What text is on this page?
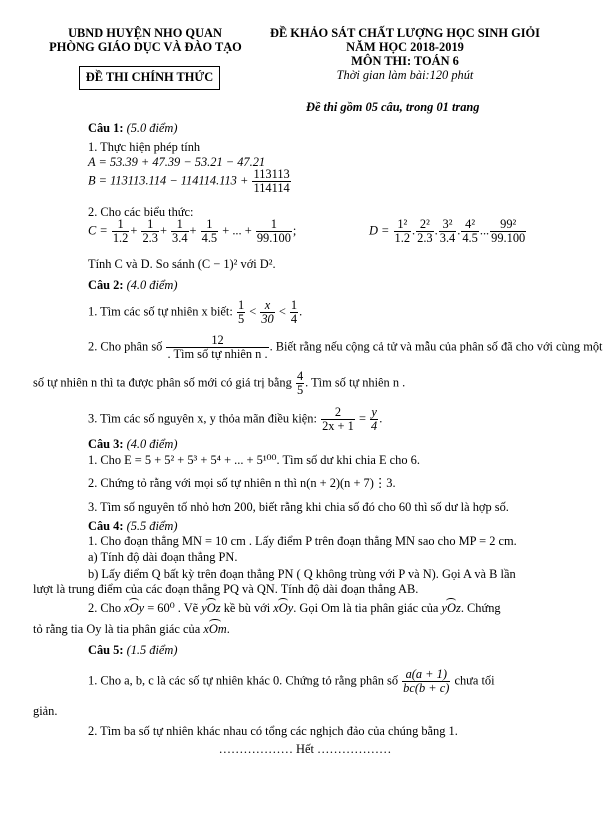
UBND HUYỆN NHO QUAN
PHÒNG GIÁO DỤC VÀ ĐÀO TẠO
ĐỀ THI CHÍNH THỨC
ĐỀ KHẢO SÁT CHẤT LƯỢNG HỌC SINH GIỎI
NĂM HỌC 2018-2019
MÔN THI: TOÁN 6
Thời gian làm bài:120 phút
Đề thi gồm 05 câu, trong 01 trang
Câu 1: (5.0 điểm)
1. Thực hiện phép tính
A = 53.39 + 47.39 − 53.21 − 47.21
$B = 113113.114 - 114114.113 + \frac{113113}{114114}$
2. Cho các biểu thức:
$C = \frac{1}{1.2} + \frac{1}{2.3} + \frac{1}{3.4} + \frac{1}{4.5}$ + ... + $\frac{1}{99.100}$ ;	$D = \frac{\text{1²}}{1.2}$ . $\frac{\text{2²}}{2.3}$ . $\frac{\text{3²}}{3.4}$ . $\frac{\text{4²}}{4.5}$ ... $\frac{\text{99²}}{99.100}$
Tính C và D. So sánh (C − 1)² với D².
Câu 2: (4.0 điểm)
1. Tìm các số tự nhiên x biết: $\frac{1}{5} < \frac{x}{30} < \frac{1}{4}$ .
2. Cho phân số $\frac{12}{\text{. Tìm số tự nhiên n .}}$ . Biết rằng nếu cộng cả tử và mẫu của phân số đã cho với cùng một
số tự nhiên n thì ta được phân số mới có giá trị bằng $\frac{4}{5}$ . Tìm số tự nhiên n .
3. Tìm các số nguyên x, y thỏa mãn điều kiện: $\frac{2}{2x + 1} = \frac{y}{4}$ .
Câu 3: (4.0 điểm)
1. Cho E = 5 + 5² + 5³ + 5⁴ + ... + 5¹⁰⁰. Tìm số dư khi chia E cho 6.
2. Chứng tỏ rằng với mọi số tự nhiên n thì n(n + 2)(n + 7)⋮3.
3. Tìm số nguyên tố nhỏ hơn 200, biết rằng khi chia số đó cho 60 thì số dư là hợp số.
Câu 4: (5.5 điểm)
1. Cho đoạn thẳng MN = 10 cm . Lấy điểm P trên đoạn thẳng MN sao cho MP = 2 cm.
a) Tính độ dài đoạn thẳng PN.
b) Lấy điểm Q bất kỳ trên đoạn thẳng PN ( Q không trùng với P và N). Gọi A và B lần
lượt là trung điểm của các đoạn thẳng PQ và QN. Tính độ dài đoạn thẳng AB.
2. Cho xOy = 60⁰ . Vẽ yOz kề bù với xOy. Gọi Om là tia phân giác của yOz. Chứng
tỏ rằng tia Oy là tia phân giác của xOm.
Câu 5: (1.5 điểm)
1. Cho a, b, c là các số tự nhiên khác 0. Chứng tỏ rằng phân số $\frac{a(a + 1)}{bc(b + c)}$ chưa tối
giản.
2. Tìm ba số tự nhiên khác nhau có tổng các nghịch đảo của chúng bằng 1.
……………… Hết ………………
